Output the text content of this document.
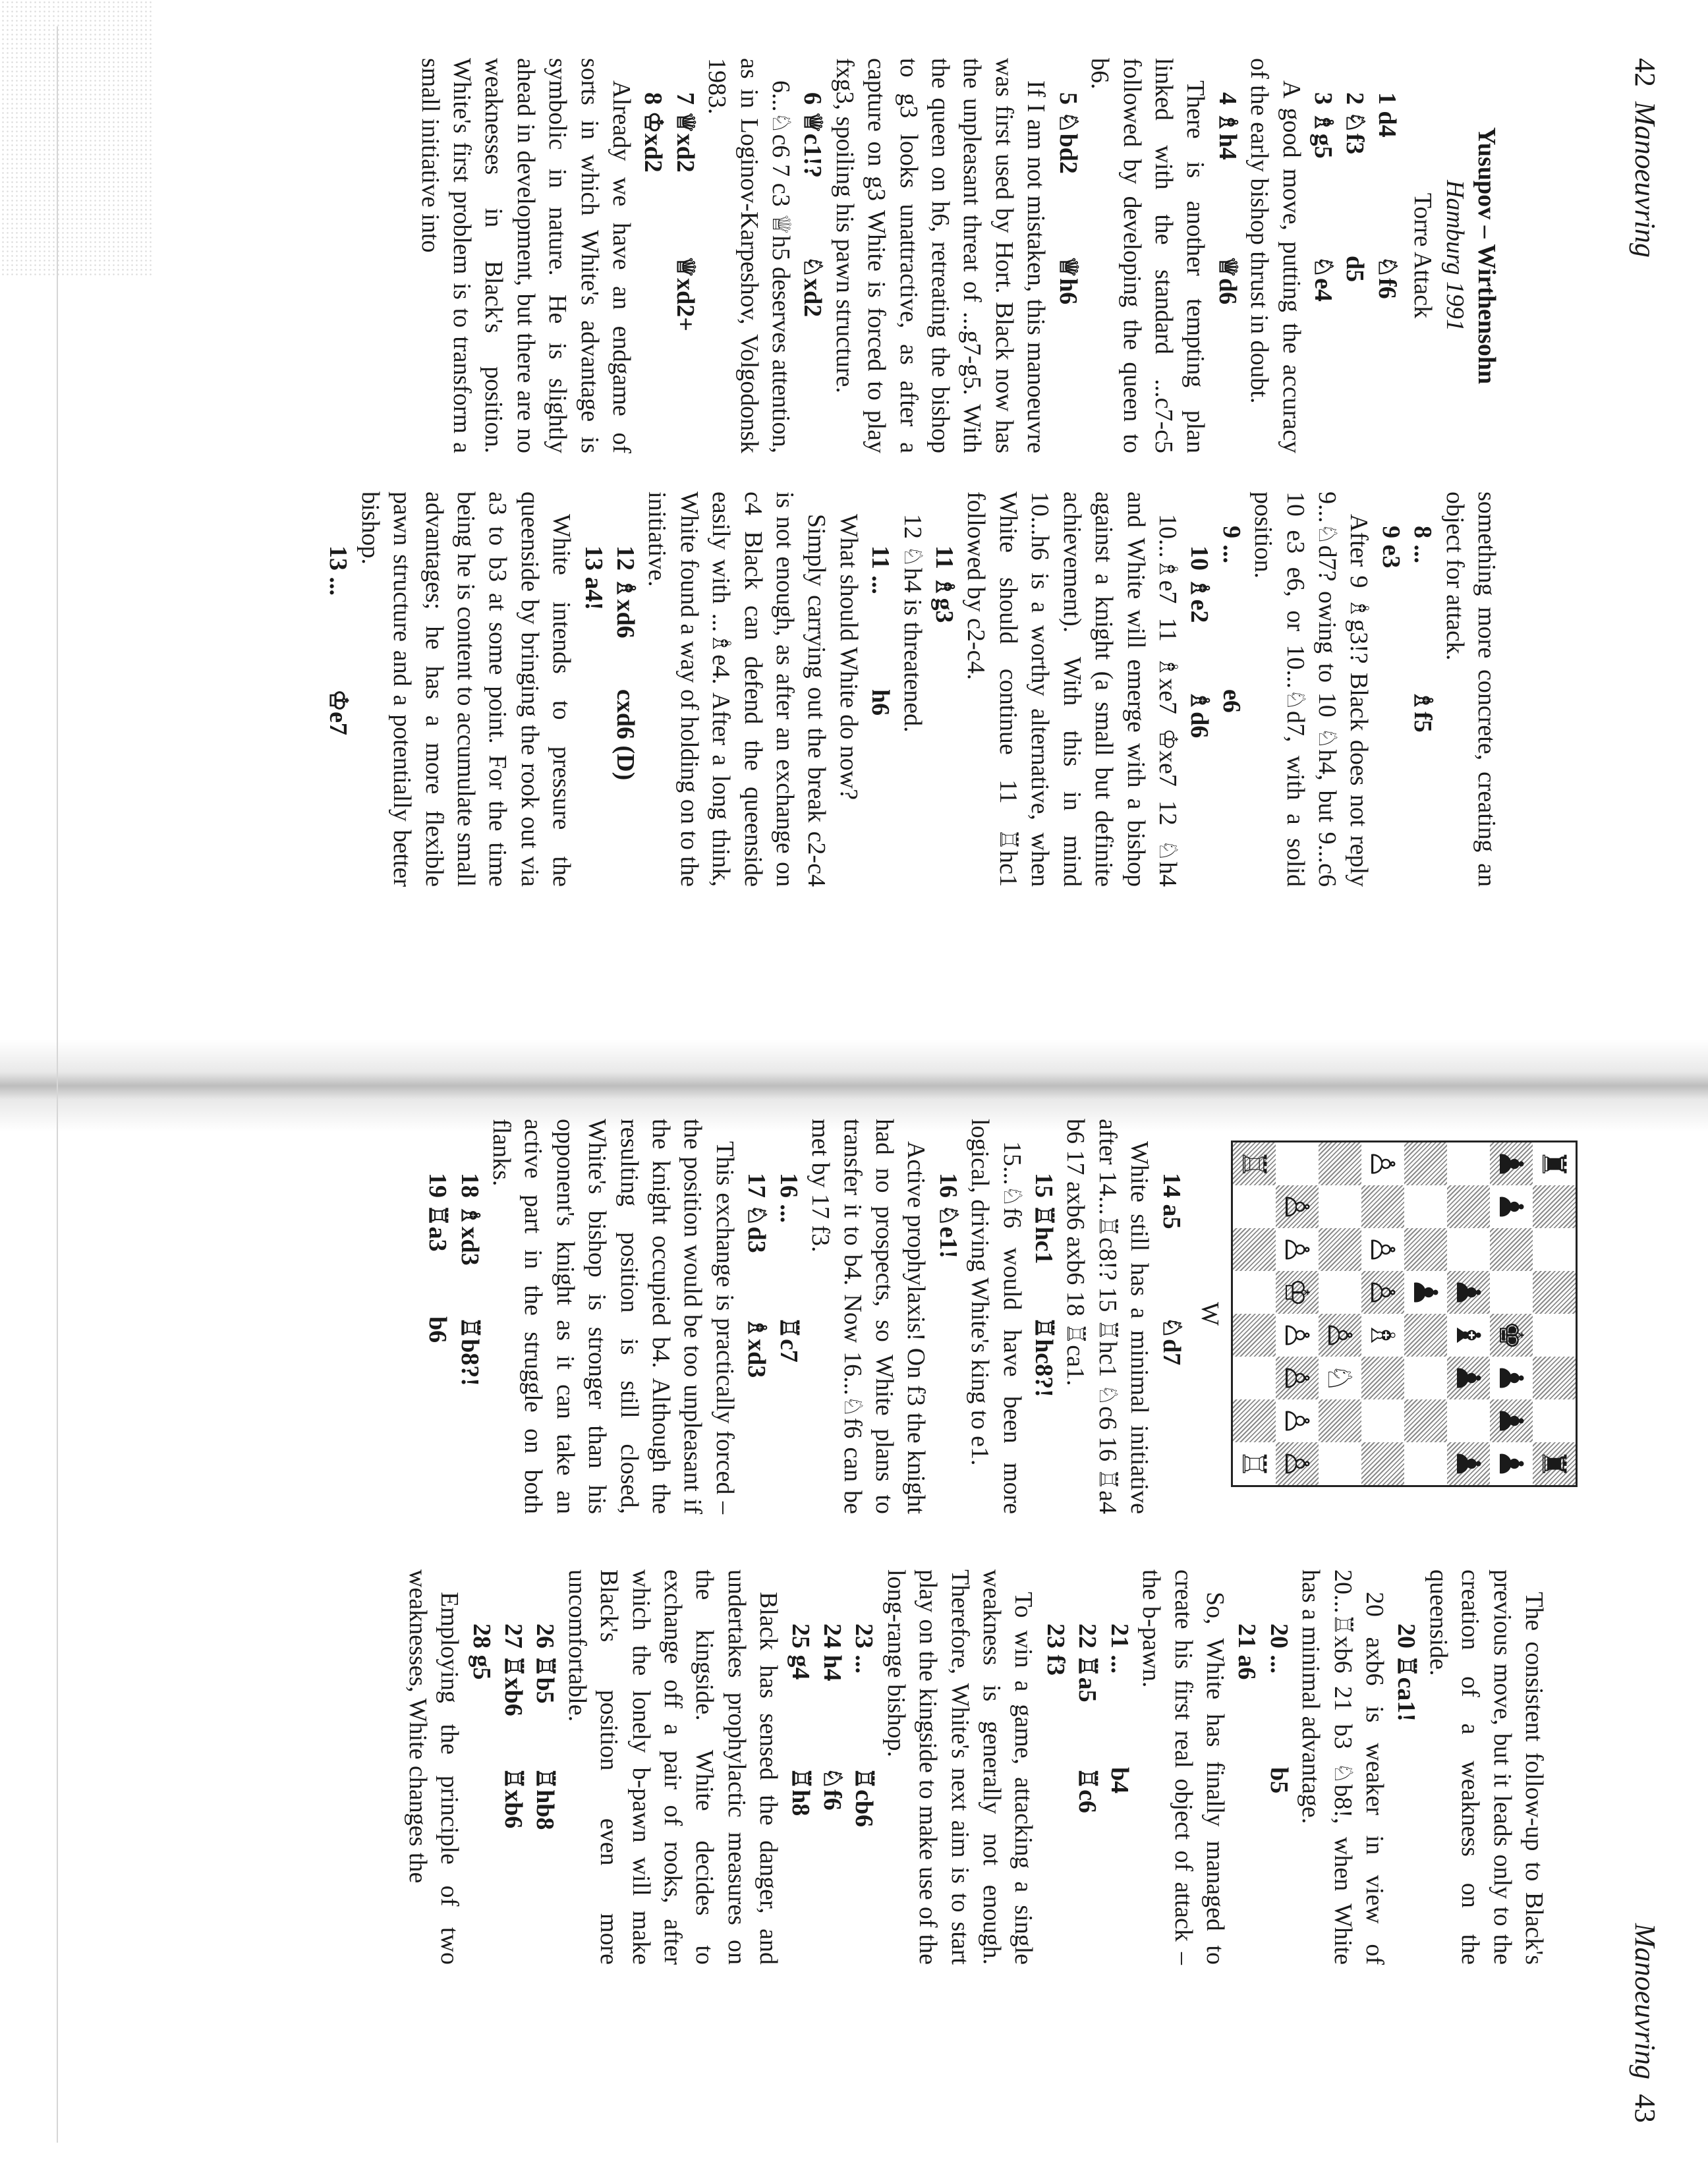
42  Manoeuvring
Yusupov – Wirthensohn
Hamburg 1991
Torre Attack
1 d4
♘f6
2 ♘f3
d5
3 ♗g5
♘e4

A good move, putting the accuracy of the early bishop thrust in doubt.

4 ♗h4
♕d6

There is another tempting plan linked with the standard ...c7-c5 followed by developing the queen to b6.

5 ♘bd2
♕h6

If I am not mistaken, this manoeuvre was first used by Hort. Black now has the unpleasant threat of ...g7-g5. With the queen on h6, retreating the bishop to g3 looks unattractive, as after a capture on g3 White is forced to play fxg3, spoiling his pawn structure.

6 ♕c1!?
♘xd2

6...♘c6 7 c3 ♕h5 deserves attention, as in Loginov-Karpeshov, Volgodonsk 1983.

7 ♕xd2
♕xd2+
8 ♔xd2

Already we have an endgame of sorts in which White's advantage is symbolic in nature. He is slightly ahead in development, but there are no weaknesses in Black's position. White's first problem is to transform a small initiative into

something more concrete, creating an object for attack.

8 ...
♗f5
9 e3

After 9 ♗g3!? Black does not reply 9...♘d7? owing to 10 ♘h4, but 9...c6 10 e3 e6, or 10...♘d7, with a solid position.

9 ...
e6
10 ♗e2
♗d6

10...♗e7 11 ♗xe7 ♔xe7 12 ♘h4 and White will emerge with a bishop against a knight (a small but definite achievement). With this in mind 10...h6 is a worthy alternative, when White should continue 11 ♖hc1 followed by c2-c4.

11 ♗g3

12 ♘h4 is threatened.

11 ...
h6

What should White do now?

Simply carrying out the break c2-c4 is not enough, as after an exchange on c4 Black can defend the queenside easily with ...♗e4. After a long think, White found a way of holding on to the initiative.

12 ♗xd6
cxd6 (D)
13 a4!

White intends to pressure the queenside by bringing the rook out via a3 to b3 at some point. For the time being he is content to accumulate small advantages; he has a more flexible pawn structure and a potentially better bishop.

13 ...
♔e7
Manoeuvring  43
♜
♜
♟
♟
♚
♟
♟
♟
♟
♝
♟
♟
♟
♙
♙
♙
♗
♙
♘
♙
♙
♔
♙
♙
♙
♙
♖
♖
W
14 a5
♘d7

White still has a minimal initiative after 14...♖c8!? 15 ♖hc1 ♘c6 16 ♖a4 b6 17 axb6 axb6 18 ♖ca1.

15 ♖hc1
♖hc8?!

15...♘f6 would have been more logical, driving White's king to e1.

16 ♘e1!

Active prophylaxis! On f3 the knight had no prospects, so White plans to transfer it to b4. Now 16...♘f6 can be met by 17 f3.

16 ...
♖c7
17 ♘d3
♗xd3

This exchange is practically forced – the position would be too unpleasant if the knight occupied b4. Although the resulting position is still closed, White's bishop is stronger than his opponent's knight as it can take an active part in the struggle on both flanks.

18 ♗xd3
♖b8?!
19 ♖a3
b6

The consistent follow-up to Black's previous move, but it leads only to the creation of a weakness on the queenside.

20 ♖ca1!

20 axb6 is weaker in view of 20...♖xb6 21 b3 ♘b8!, when White has a minimal advantage.

20 ...
b5
21 a6

So, White has finally managed to create his first real object of attack – the b-pawn.

21 ...
b4
22 ♖a5
♖c6
23 f3

To win a game, attacking a single weakness is generally not enough. Therefore, White's next aim is to start play on the kingside to make use of the long-range bishop.

23 ...
♖cb6
24 h4
♘f6
25 g4
♖h8

Black has sensed the danger, and undertakes prophylactic measures on the kingside. White decides to exchange off a pair of rooks, after which the lonely b-pawn will make Black's position even more uncomfortable.

26 ♖b5
♖hb8
27 ♖xb6
♖xb6
28 g5

Employing the principle of two weaknesses, White changes the
